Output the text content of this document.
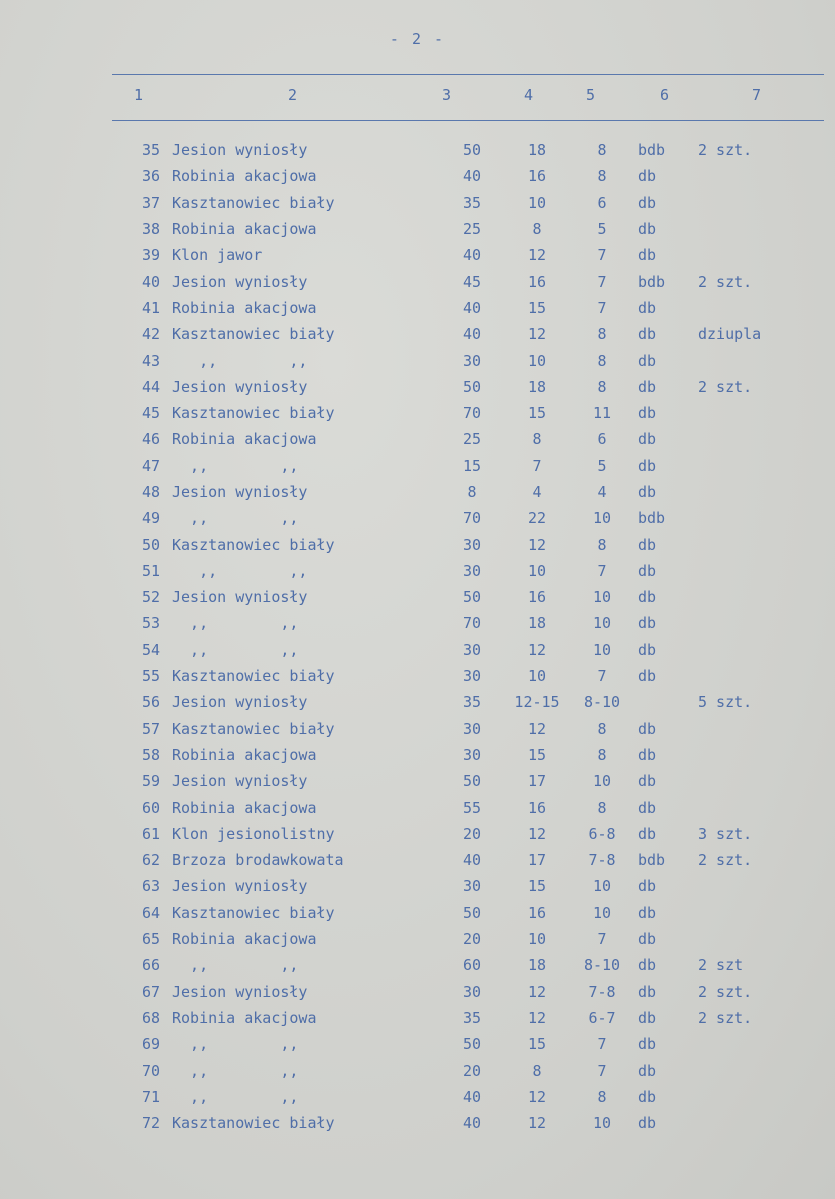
- 2 -
1	2	3	4	5	6	7
35	Jesion wyniosły	50	18	8	bdb	2 szt.
36	Robinia akacjowa	40	16	8	db	
37	Kasztanowiec biały	35	10	6	db	
38	Robinia akacjowa	25	8	5	db	
39	Klon jawor	40	12	7	db	
40	Jesion wyniosły	45	16	7	bdb	2 szt.
41	Robinia akacjowa	40	15	7	db	
42	Kasztanowiec biały	40	12	8	db	dziupla
43	,,        ,,	30	10	8	db	
44	Jesion wyniosły	50	18	8	db	2 szt.
45	Kasztanowiec biały	70	15	11	db	
46	Robinia akacjowa	25	8	6	db	
47	,,        ,,	15	7	5	db	
48	Jesion wyniosły	8	4	4	db	
49	,,        ,,	70	22	10	bdb	
50	Kasztanowiec biały	30	12	8	db	
51	,,        ,,	30	10	7	db	
52	Jesion wyniosły	50	16	10	db	
53	,,        ,,	70	18	10	db	
54	,,        ,,	30	12	10	db	
55	Kasztanowiec biały	30	10	7	db	
56	Jesion wyniosły	35	12-15	8-10		5 szt.
57	Kasztanowiec biały	30	12	8	db	
58	Robinia akacjowa	30	15	8	db	
59	Jesion wyniosły	50	17	10	db	
60	Robinia akacjowa	55	16	8	db	
61	Klon jesionolistny	20	12	6-8	db	3 szt.
62	Brzoza brodawkowata	40	17	7-8	bdb	2 szt.
63	Jesion wyniosły	30	15	10	db	
64	Kasztanowiec biały	50	16	10	db	
65	Robinia akacjowa	20	10	7	db	
66	,,        ,,	60	18	8-10	db	2 szt
67	Jesion wyniosły	30	12	7-8	db	2 szt.
68	Robinia akacjowa	35	12	6-7	db	2 szt.
69	,,        ,,	50	15	7	db	
70	,,        ,,	20	8	7	db	
71	,,        ,,	40	12	8	db	
72	Kasztanowiec biały	40	12	10	db	
